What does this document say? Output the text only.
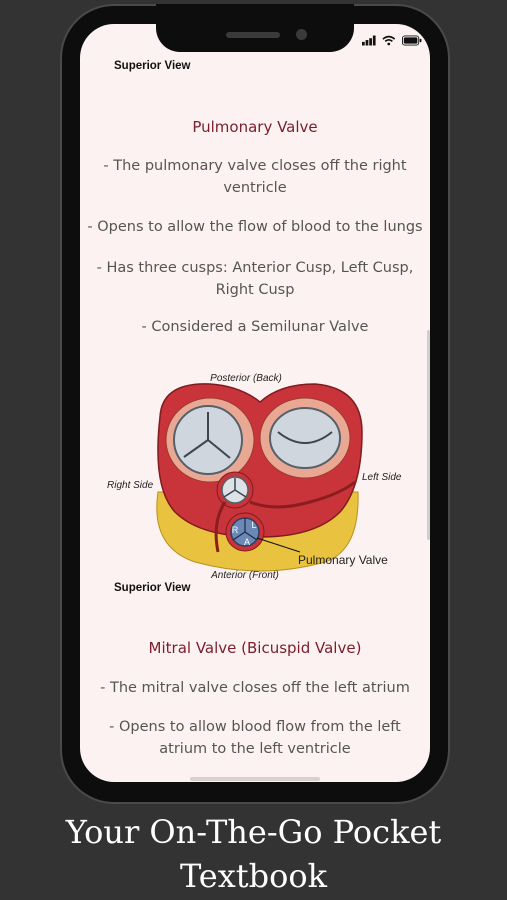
Superior View
Pulmonary Valve
- The pulmonary valve closes off the right ventricle
- Opens to allow the flow of blood to the lungs
- Has three cusps: Anterior Cusp, Left Cusp, Right Cusp
- Considered a Semilunar Valve
R L
A
Posterior (Back)
Anterior (Front)
Right Side
Left Side
Pulmonary Valve
Superior View
Mitral Valve (Bicuspid Valve)
- The mitral valve closes off the left atrium
- Opens to allow blood flow from the left atrium to the left ventricle
Your On-The-Go Pocket
Textbook
